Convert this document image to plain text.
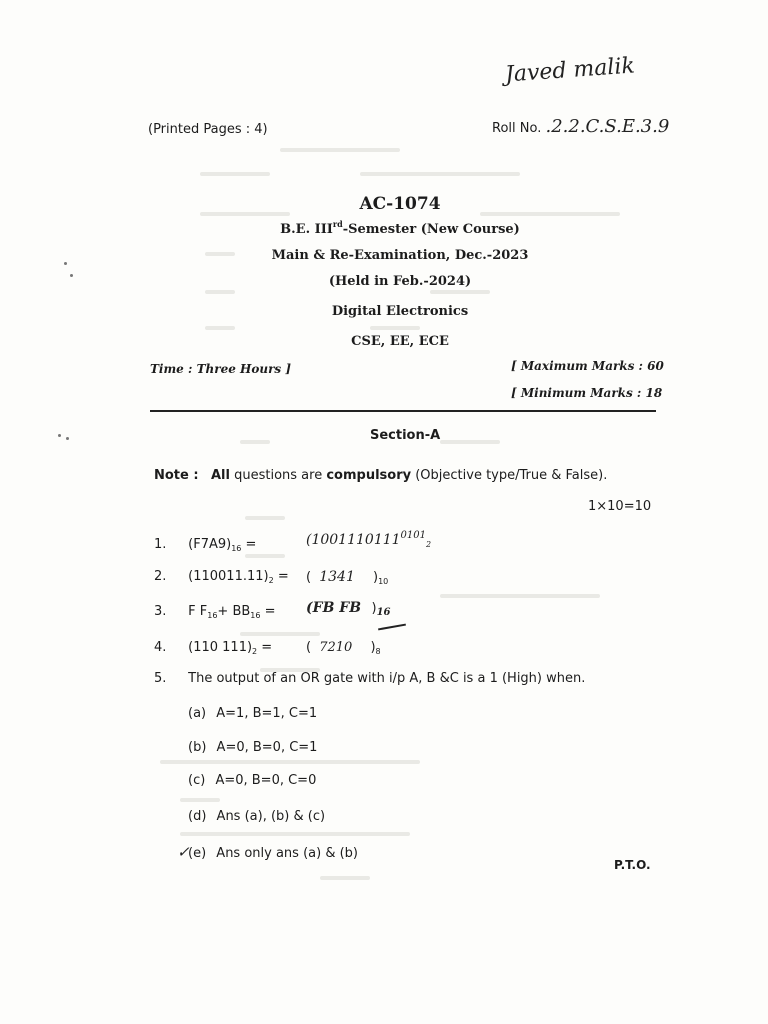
Javed malik
(Printed Pages : 4)	Roll No. .2.2.C.S.E.3.9
AC-1074
B.E. IIIrd-Semester (New Course)
Main & Re-Examination, Dec.-2023
(Held in Feb.-2024)
Digital Electronics
CSE, EE, ECE
Time : Three Hours ]	[ Maximum Marks : 60
[ Minimum Marks : 18
Section-A
Note : All questions are compulsory (Objective type/True & False).
1×10=10
1. $(F7A9)_{16}$ =	($1001110111^{0101}_2$
2. $(110011.11)_2$ = ( 1341 )$_{10}$
3. F $F_{16}+ BB_{16} = (FB$ FB )$_{16}$
4. (110 $111)_2$ =	( 7210 )$_8$
5. The output of an OR gate with i/p A, B &C is a 1 (High) when.
(a) A=1, B=1, C=1
(b) A=0, B=0, C=1
(c) A=0, B=0, C=0
(d) Ans (a), (b) & (c)
✓
(e) Ans only ans (a) & (b)
P.T.O.
